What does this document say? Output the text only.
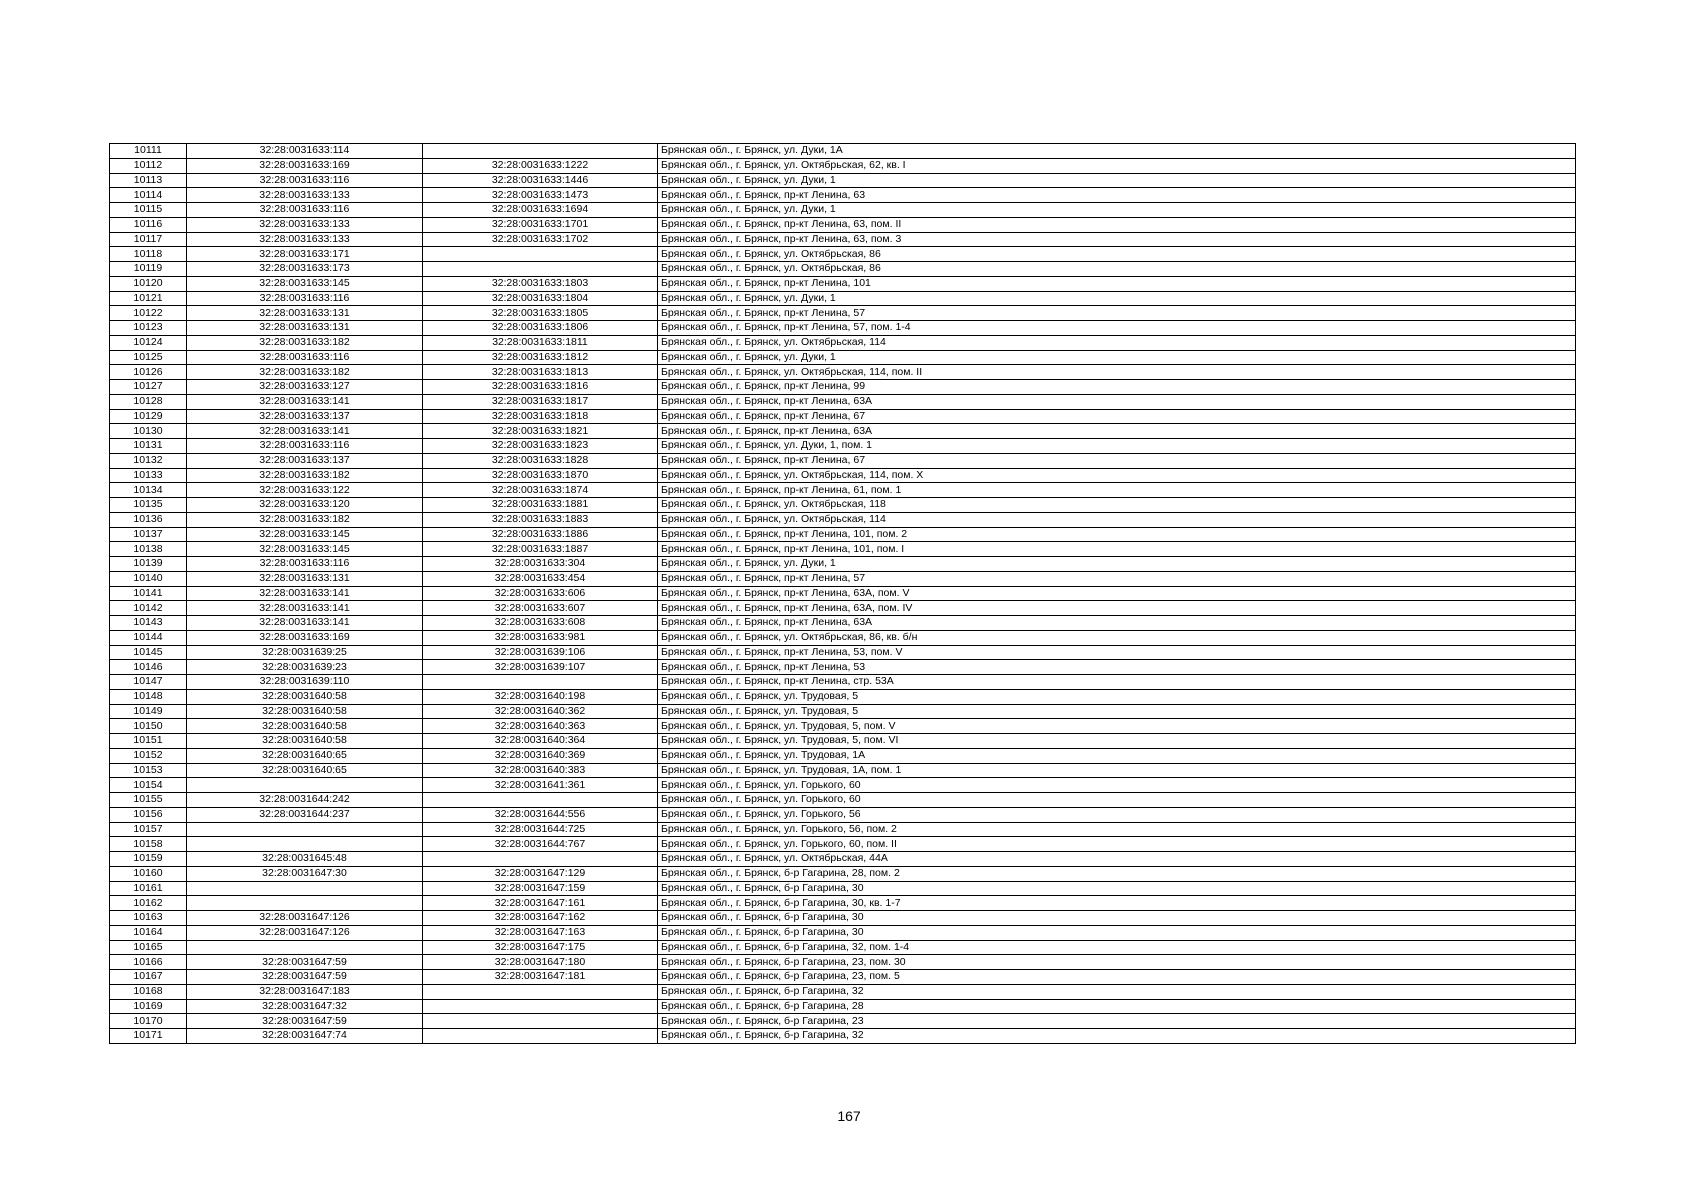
10111	32:28:0031633:114		Брянская обл., г. Брянск, ул. Дуки, 1А
10112	32:28:0031633:169	32:28:0031633:1222	Брянская обл., г. Брянск, ул. Октябрьская, 62, кв. I
10113	32:28:0031633:116	32:28:0031633:1446	Брянская обл., г. Брянск, ул. Дуки, 1
10114	32:28:0031633:133	32:28:0031633:1473	Брянская обл., г. Брянск, пр-кт Ленина, 63
10115	32:28:0031633:116	32:28:0031633:1694	Брянская обл., г. Брянск, ул. Дуки, 1
10116	32:28:0031633:133	32:28:0031633:1701	Брянская обл., г. Брянск, пр-кт Ленина, 63, пом. II
10117	32:28:0031633:133	32:28:0031633:1702	Брянская обл., г. Брянск, пр-кт Ленина, 63, пом. 3
10118	32:28:0031633:171		Брянская обл., г. Брянск, ул. Октябрьская, 86
10119	32:28:0031633:173		Брянская обл., г. Брянск, ул. Октябрьская, 86
10120	32:28:0031633:145	32:28:0031633:1803	Брянская обл., г. Брянск, пр-кт Ленина, 101
10121	32:28:0031633:116	32:28:0031633:1804	Брянская обл., г. Брянск, ул. Дуки, 1
10122	32:28:0031633:131	32:28:0031633:1805	Брянская обл., г. Брянск, пр-кт Ленина, 57
10123	32:28:0031633:131	32:28:0031633:1806	Брянская обл., г. Брянск, пр-кт Ленина, 57, пом. 1-4
10124	32:28:0031633:182	32:28:0031633:1811	Брянская обл., г. Брянск, ул. Октябрьская, 114
10125	32:28:0031633:116	32:28:0031633:1812	Брянская обл., г. Брянск, ул. Дуки, 1
10126	32:28:0031633:182	32:28:0031633:1813	Брянская обл., г. Брянск, ул. Октябрьская, 114, пом. II
10127	32:28:0031633:127	32:28:0031633:1816	Брянская обл., г. Брянск, пр-кт Ленина, 99
10128	32:28:0031633:141	32:28:0031633:1817	Брянская обл., г. Брянск, пр-кт Ленина, 63А
10129	32:28:0031633:137	32:28:0031633:1818	Брянская обл., г. Брянск, пр-кт Ленина, 67
10130	32:28:0031633:141	32:28:0031633:1821	Брянская обл., г. Брянск, пр-кт Ленина, 63А
10131	32:28:0031633:116	32:28:0031633:1823	Брянская обл., г. Брянск, ул. Дуки, 1, пом. 1
10132	32:28:0031633:137	32:28:0031633:1828	Брянская обл., г. Брянск, пр-кт Ленина, 67
10133	32:28:0031633:182	32:28:0031633:1870	Брянская обл., г. Брянск, ул. Октябрьская, 114, пом. X
10134	32:28:0031633:122	32:28:0031633:1874	Брянская обл., г. Брянск, пр-кт Ленина, 61, пом. 1
10135	32:28:0031633:120	32:28:0031633:1881	Брянская обл., г. Брянск, ул. Октябрьская, 118
10136	32:28:0031633:182	32:28:0031633:1883	Брянская обл., г. Брянск, ул. Октябрьская, 114
10137	32:28:0031633:145	32:28:0031633:1886	Брянская обл., г. Брянск, пр-кт Ленина, 101, пом. 2
10138	32:28:0031633:145	32:28:0031633:1887	Брянская обл., г. Брянск, пр-кт Ленина, 101, пом. I
10139	32:28:0031633:116	32:28:0031633:304	Брянская обл., г. Брянск, ул. Дуки, 1
10140	32:28:0031633:131	32:28:0031633:454	Брянская обл., г. Брянск, пр-кт Ленина, 57
10141	32:28:0031633:141	32:28:0031633:606	Брянская обл., г. Брянск, пр-кт Ленина, 63А, пом. V
10142	32:28:0031633:141	32:28:0031633:607	Брянская обл., г. Брянск, пр-кт Ленина, 63А, пом. IV
10143	32:28:0031633:141	32:28:0031633:608	Брянская обл., г. Брянск, пр-кт Ленина, 63А
10144	32:28:0031633:169	32:28:0031633:981	Брянская обл., г. Брянск, ул. Октябрьская, 86, кв. б/н
10145	32:28:0031639:25	32:28:0031639:106	Брянская обл., г. Брянск, пр-кт Ленина, 53, пом. V
10146	32:28:0031639:23	32:28:0031639:107	Брянская обл., г. Брянск, пр-кт Ленина, 53
10147	32:28:0031639:110		Брянская обл., г. Брянск, пр-кт Ленина, стр. 53А
10148	32:28:0031640:58	32:28:0031640:198	Брянская обл., г. Брянск, ул. Трудовая, 5
10149	32:28:0031640:58	32:28:0031640:362	Брянская обл., г. Брянск, ул. Трудовая, 5
10150	32:28:0031640:58	32:28:0031640:363	Брянская обл., г. Брянск, ул. Трудовая, 5, пом. V
10151	32:28:0031640:58	32:28:0031640:364	Брянская обл., г. Брянск, ул. Трудовая, 5, пом. VI
10152	32:28:0031640:65	32:28:0031640:369	Брянская обл., г. Брянск, ул. Трудовая, 1А
10153	32:28:0031640:65	32:28:0031640:383	Брянская обл., г. Брянск, ул. Трудовая, 1А, пом. 1
10154		32:28:0031641:361	Брянская обл., г. Брянск, ул. Горького, 60
10155	32:28:0031644:242		Брянская обл., г. Брянск, ул. Горького, 60
10156	32:28:0031644:237	32:28:0031644:556	Брянская обл., г. Брянск, ул. Горького, 56
10157		32:28:0031644:725	Брянская обл., г. Брянск, ул. Горького, 56, пом. 2
10158		32:28:0031644:767	Брянская обл., г. Брянск, ул. Горького, 60, пом. II
10159	32:28:0031645:48		Брянская обл., г. Брянск, ул. Октябрьская, 44А
10160	32:28:0031647:30	32:28:0031647:129	Брянская обл., г. Брянск, б-р Гагарина, 28, пом. 2
10161		32:28:0031647:159	Брянская обл., г. Брянск, б-р Гагарина, 30
10162		32:28:0031647:161	Брянская обл., г. Брянск, б-р Гагарина, 30, кв. 1-7
10163	32:28:0031647:126	32:28:0031647:162	Брянская обл., г. Брянск, б-р Гагарина, 30
10164	32:28:0031647:126	32:28:0031647:163	Брянская обл., г. Брянск, б-р Гагарина, 30
10165		32:28:0031647:175	Брянская обл., г. Брянск, б-р Гагарина, 32, пом. 1-4
10166	32:28:0031647:59	32:28:0031647:180	Брянская обл., г. Брянск, б-р Гагарина, 23, пом. 30
10167	32:28:0031647:59	32:28:0031647:181	Брянская обл., г. Брянск, б-р Гагарина, 23, пом. 5
10168	32:28:0031647:183		Брянская обл., г. Брянск, б-р Гагарина, 32
10169	32:28:0031647:32		Брянская обл., г. Брянск, б-р Гагарина, 28
10170	32:28:0031647:59		Брянская обл., г. Брянск, б-р Гагарина, 23
10171	32:28:0031647:74		Брянская обл., г. Брянск, б-р Гагарина, 32
167
